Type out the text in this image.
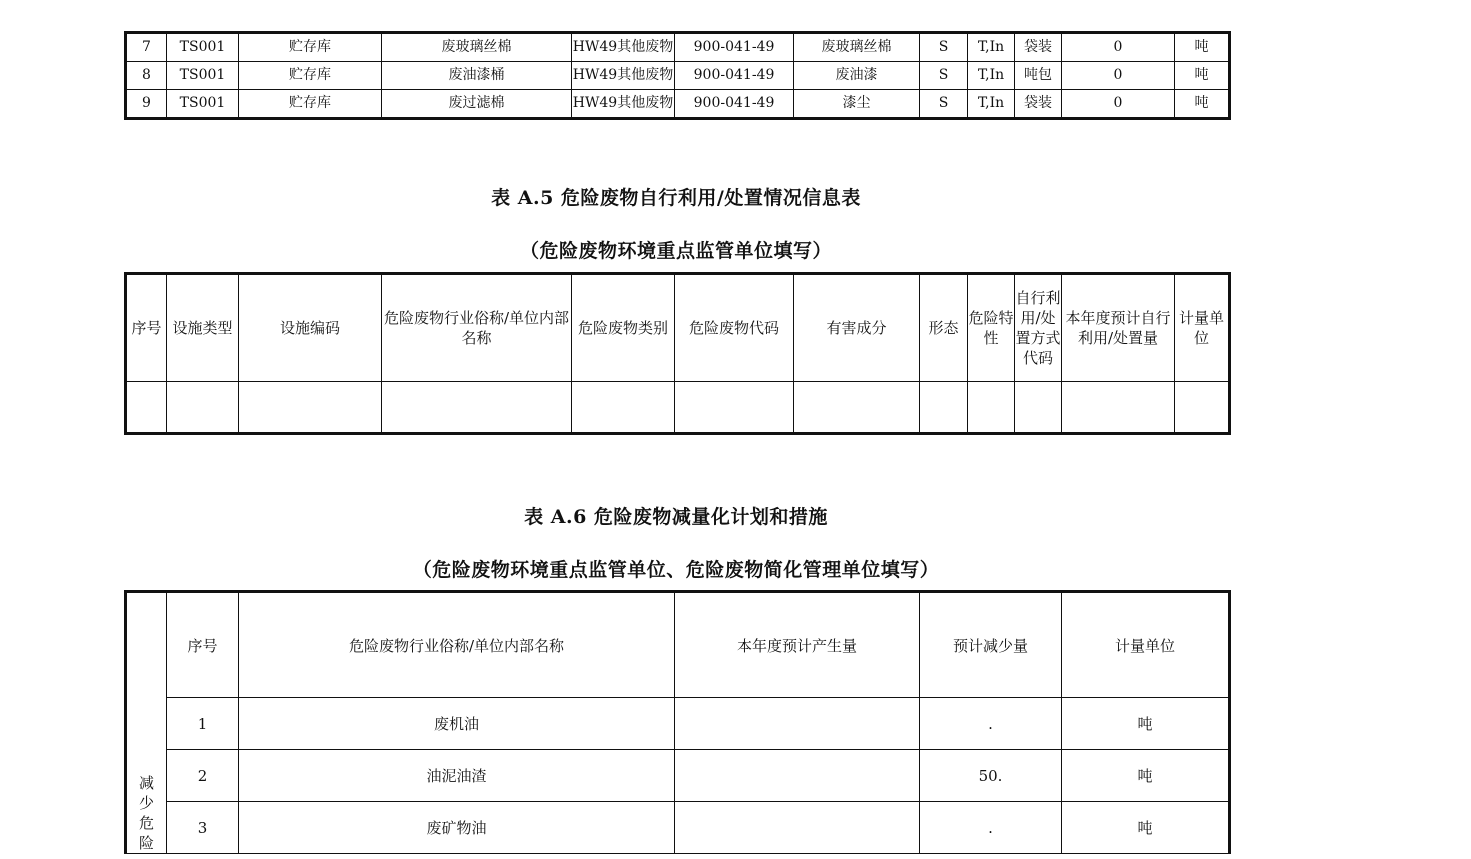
7	TS001	贮存库	废玻璃丝棉	HW49其他废物	900-041-49	废玻璃丝棉	S	T,In	袋装	0	吨
8	TS001	贮存库	废油漆桶	HW49其他废物	900-041-49	废油漆	S	T,In	吨包	0	吨
9	TS001	贮存库	废过滤棉	HW49其他废物	900-041-49	漆尘	S	T,In	袋装	0	吨
表 A.5 危险废物自行利用/处置情况信息表
（危险废物环境重点监管单位填写）
序号	设施类型	设施编码	危险废物行业俗称/单位内部名称	危险废物类别	危险废物代码	有害成分	形态	危险特性	自行利用/处置方式代码	本年度预计自行利用/处置量	计量单位

表 A.6 危险废物减量化计划和措施
（危险废物环境重点监管单位、危险废物简化管理单位填写）
减
少
危
险	序号	危险废物行业俗称/单位内部名称	本年度预计产生量	预计减少量	计量单位
	1	废机油		.	吨
	2	油泥油渣		50.	吨
	3	废矿物油		.	吨
